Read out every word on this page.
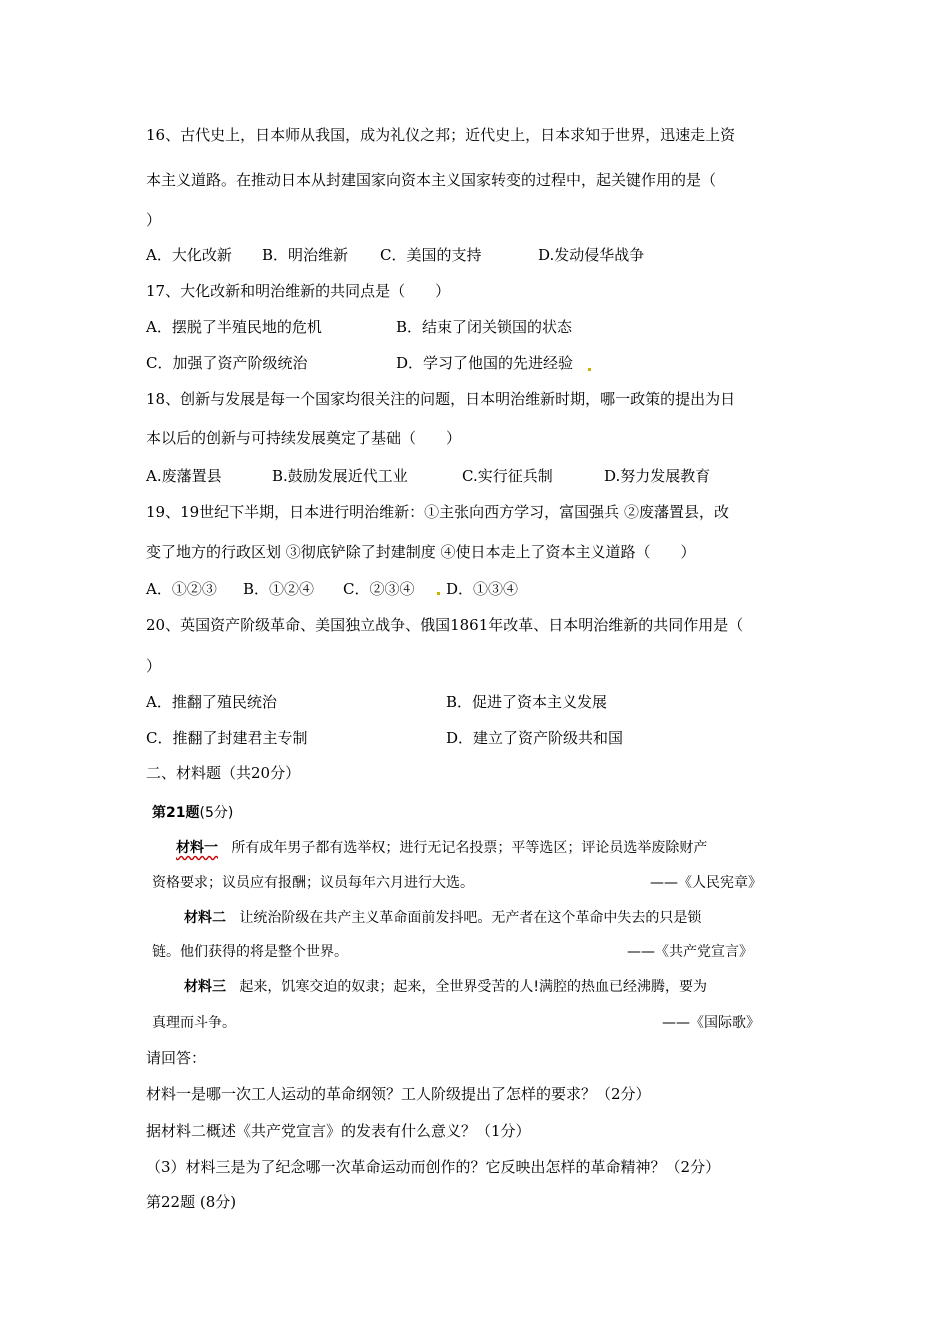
16、古代史上，日本师从我国，成为礼仪之邦；近代史上，日本求知于世界，迅速走上资
本主义道路。在推动日本从封建国家向资本主义国家转变的过程中，起关键作用的是（
）
A．大化改新 B．明治维新 C．美国的支持	D.发动侵华战争
17、大化改新和明治维新的共同点是（　　）
A．摆脱了半殖民地的危机	B．结束了闭关锁国的状态
C．加强了资产阶级统治	D．学习了他国的先进经验
18、创新与发展是每一个国家均很关注的问题，日本明治维新时期，哪一政策的提出为日
本以后的创新与可持续发展奠定了基础（　　）
A.废藩置县	B.鼓励发展近代工业	C.实行征兵制	D.努力发展教育
19、19世纪下半期，日本进行明治维新：①主张向西方学习，富国强兵 ②废藩置县，改
变了地方的行政区划 ③彻底铲除了封建制度 ④使日本走上了资本主义道路（　　）
A．①②③ B．①②④ C．②③④ D．①③④
20、英国资产阶级革命、美国独立战争、俄国1861年改革、日本明治维新的共同作用是（
）
A．推翻了殖民统治	B．促进了资本主义发展
C．推翻了封建君主专制	D．建立了资产阶级共和国
二、材料题（共20分）
第21题(5分)
材料一 所有成年男子都有选举权；进行无记名投票；平等选区；评论员选举废除财产
资格要求；议员应有报酬；议员每年六月进行大选。	——《人民宪章》
材料二 让统治阶级在共产主义革命面前发抖吧。无产者在这个革命中失去的只是锁
链。他们获得的将是整个世界。	——《共产党宣言》
材料三 起来，饥寒交迫的奴隶；起来，全世界受苦的人!满腔的热血已经沸腾，要为
真理而斗争。	——《国际歌》
请回答：
材料一是哪一次工人运动的革命纲领？工人阶级提出了怎样的要求？（2分）
据材料二概述《共产党宣言》的发表有什么意义？（1分）
（3）材料三是为了纪念哪一次革命运动而创作的？它反映出怎样的革命精神？（2分）
第22题 (8分)
